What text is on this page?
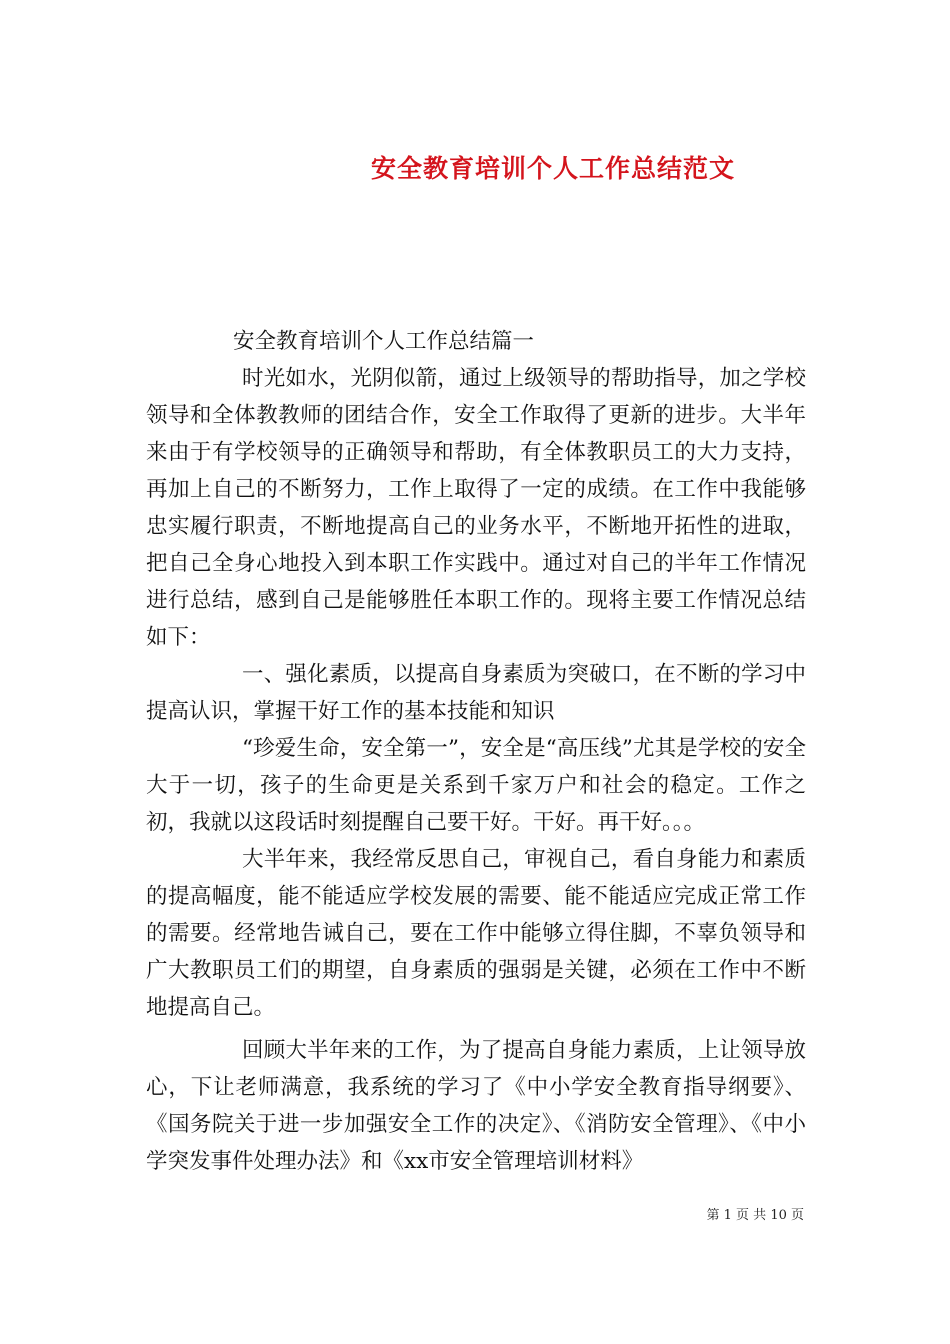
安全教育培训个人工作总结范文

安全教育培训个人工作总结篇一

时光如水，光阴似箭，通过上级领导的帮助指导，加之学校领导和全体教教师的团结合作，安全工作取得了更新的进步。大半年来由于有学校领导的正确领导和帮助，有全体教职员工的大力支持，再加上自己的不断努力，工作上取得了一定的成绩。在工作中我能够忠实履行职责，不断地提高自己的业务水平，不断地开拓性的进取，把自己全身心地投入到本职工作实践中。通过对自己的半年工作情况进行总结，感到自己是能够胜任本职工作的。现将主要工作情况总结如下：

一、强化素质，以提高自身素质为突破口，在不断的学习中提高认识，掌握干好工作的基本技能和知识

“珍爱生命，安全第一”，安全是“高压线”尤其是学校的安全大于一切，孩子的生命更是关系到千家万户和社会的稳定。工作之初，我就以这段话时刻提醒自己要干好。干好。再干好。。。

大半年来，我经常反思自己，审视自己，看自身能力和素质的提高幅度，能不能适应学校发展的需要、能不能适应完成正常工作的需要。经常地告诫自己，要在工作中能够立得住脚，不辜负领导和广大教职员工们的期望，自身素质的强弱是关键，必须在工作中不断地提高自己。

回顾大半年来的工作，为了提高自身能力素质，上让领导放心，下让老师满意，我系统的学习了《中小学安全教育指导纲要》、《国务院关于进一步加强安全工作的决定》、《消防安全管理》、《中小学突发事件处理办法》和《xx市安全管理培训材料》

第 1 页 共 10 页
